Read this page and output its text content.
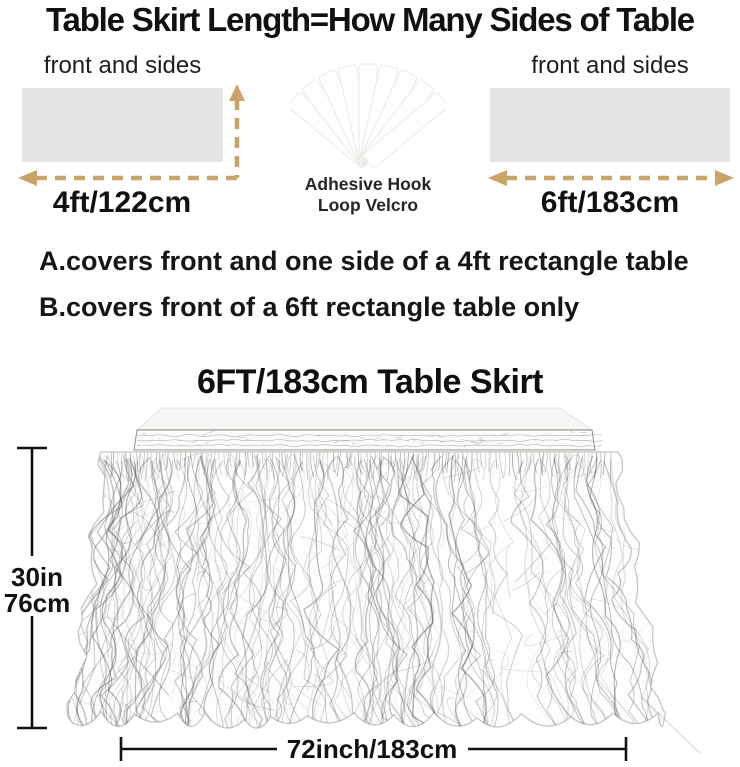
Table Skirt Length=How Many Sides of Table
front and sides
4ft/122cm
Adhesive Hook
Loop Velcro
front and sides
6ft/183cm
A.covers front and one side of a 4ft rectangle table
B.covers front of a 6ft rectangle table only
6FT/183cm Table Skirt
30in
76cm
72inch/183cm
